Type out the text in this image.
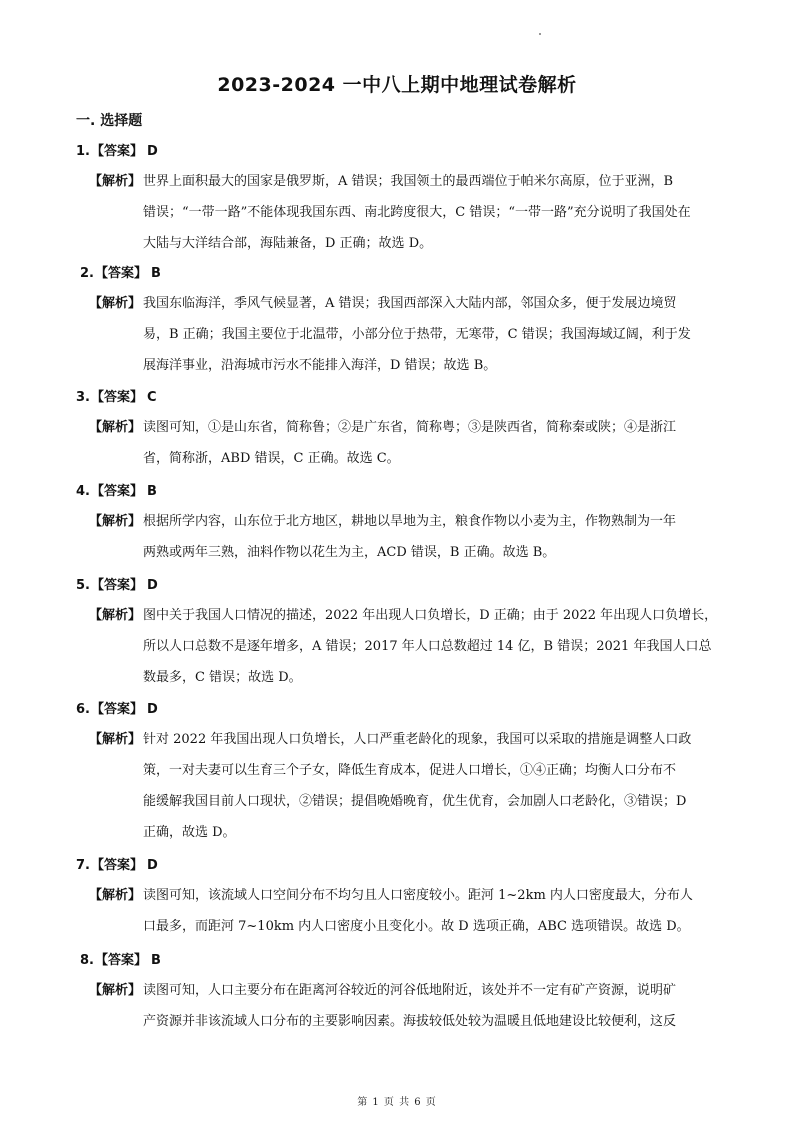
2023-2024 一中八上期中地理试卷解析
一. 选择题
1.【答案】 D
【解析】 世界上面积最大的国家是俄罗斯，A 错误；我国领土的最西端位于帕米尔高原，位于亚洲，B
错误；“一带一路”不能体现我国东西、南北跨度很大，C 错误；“一带一路”充分说明了我国处在
大陆与大洋结合部，海陆兼备，D 正确；故选 D。
2.【答案】 B
【解析】 我国东临海洋，季风气候显著，A 错误；我国西部深入大陆内部，邻国众多，便于发展边境贸
易，B 正确；我国主要位于北温带，小部分位于热带，无寒带，C 错误；我国海域辽阔，利于发
展海洋事业，沿海城市污水不能排入海洋，D 错误；故选 B。
3.【答案】 C
【解析】 读图可知，①是山东省，简称鲁；②是广东省，简称粤；③是陕西省，简称秦或陕；④是浙江
省，简称浙，ABD 错误，C 正确。故选 C。
4.【答案】 B
【解析】 根据所学内容，山东位于北方地区，耕地以旱地为主，粮食作物以小麦为主，作物熟制为一年
两熟或两年三熟，油料作物以花生为主，ACD 错误，B 正确。故选 B。
5.【答案】 D
【解析】 图中关于我国人口情况的描述，2022 年出现人口负增长，D 正确；由于 2022 年出现人口负增长，
所以人口总数不是逐年增多，A 错误；2017 年人口总数超过 14 亿，B 错误；2021 年我国人口总
数最多，C 错误；故选 D。
6.【答案】 D
【解析】 针对 2022 年我国出现人口负增长，人口严重老龄化的现象，我国可以采取的措施是调整人口政
策，一对夫妻可以生育三个子女，降低生育成本，促进人口增长，①④正确；均衡人口分布不
能缓解我国目前人口现状，②错误；提倡晚婚晚育，优生优育，会加剧人口老龄化，③错误；D
正确，故选 D。
7.【答案】 D
【解析】 读图可知，该流域人口空间分布不均匀且人口密度较小。距河 1~2km 内人口密度最大，分布人
口最多，而距河 7~10km 内人口密度小且变化小。故 D 选项正确，ABC 选项错误。故选 D。
8.【答案】 B
【解析】 读图可知，人口主要分布在距离河谷较近的河谷低地附近，该处并不一定有矿产资源，说明矿
产资源并非该流域人口分布的主要影响因素。海拔较低处较为温暖且低地建设比较便利，这反
第 1 页 共 6 页
